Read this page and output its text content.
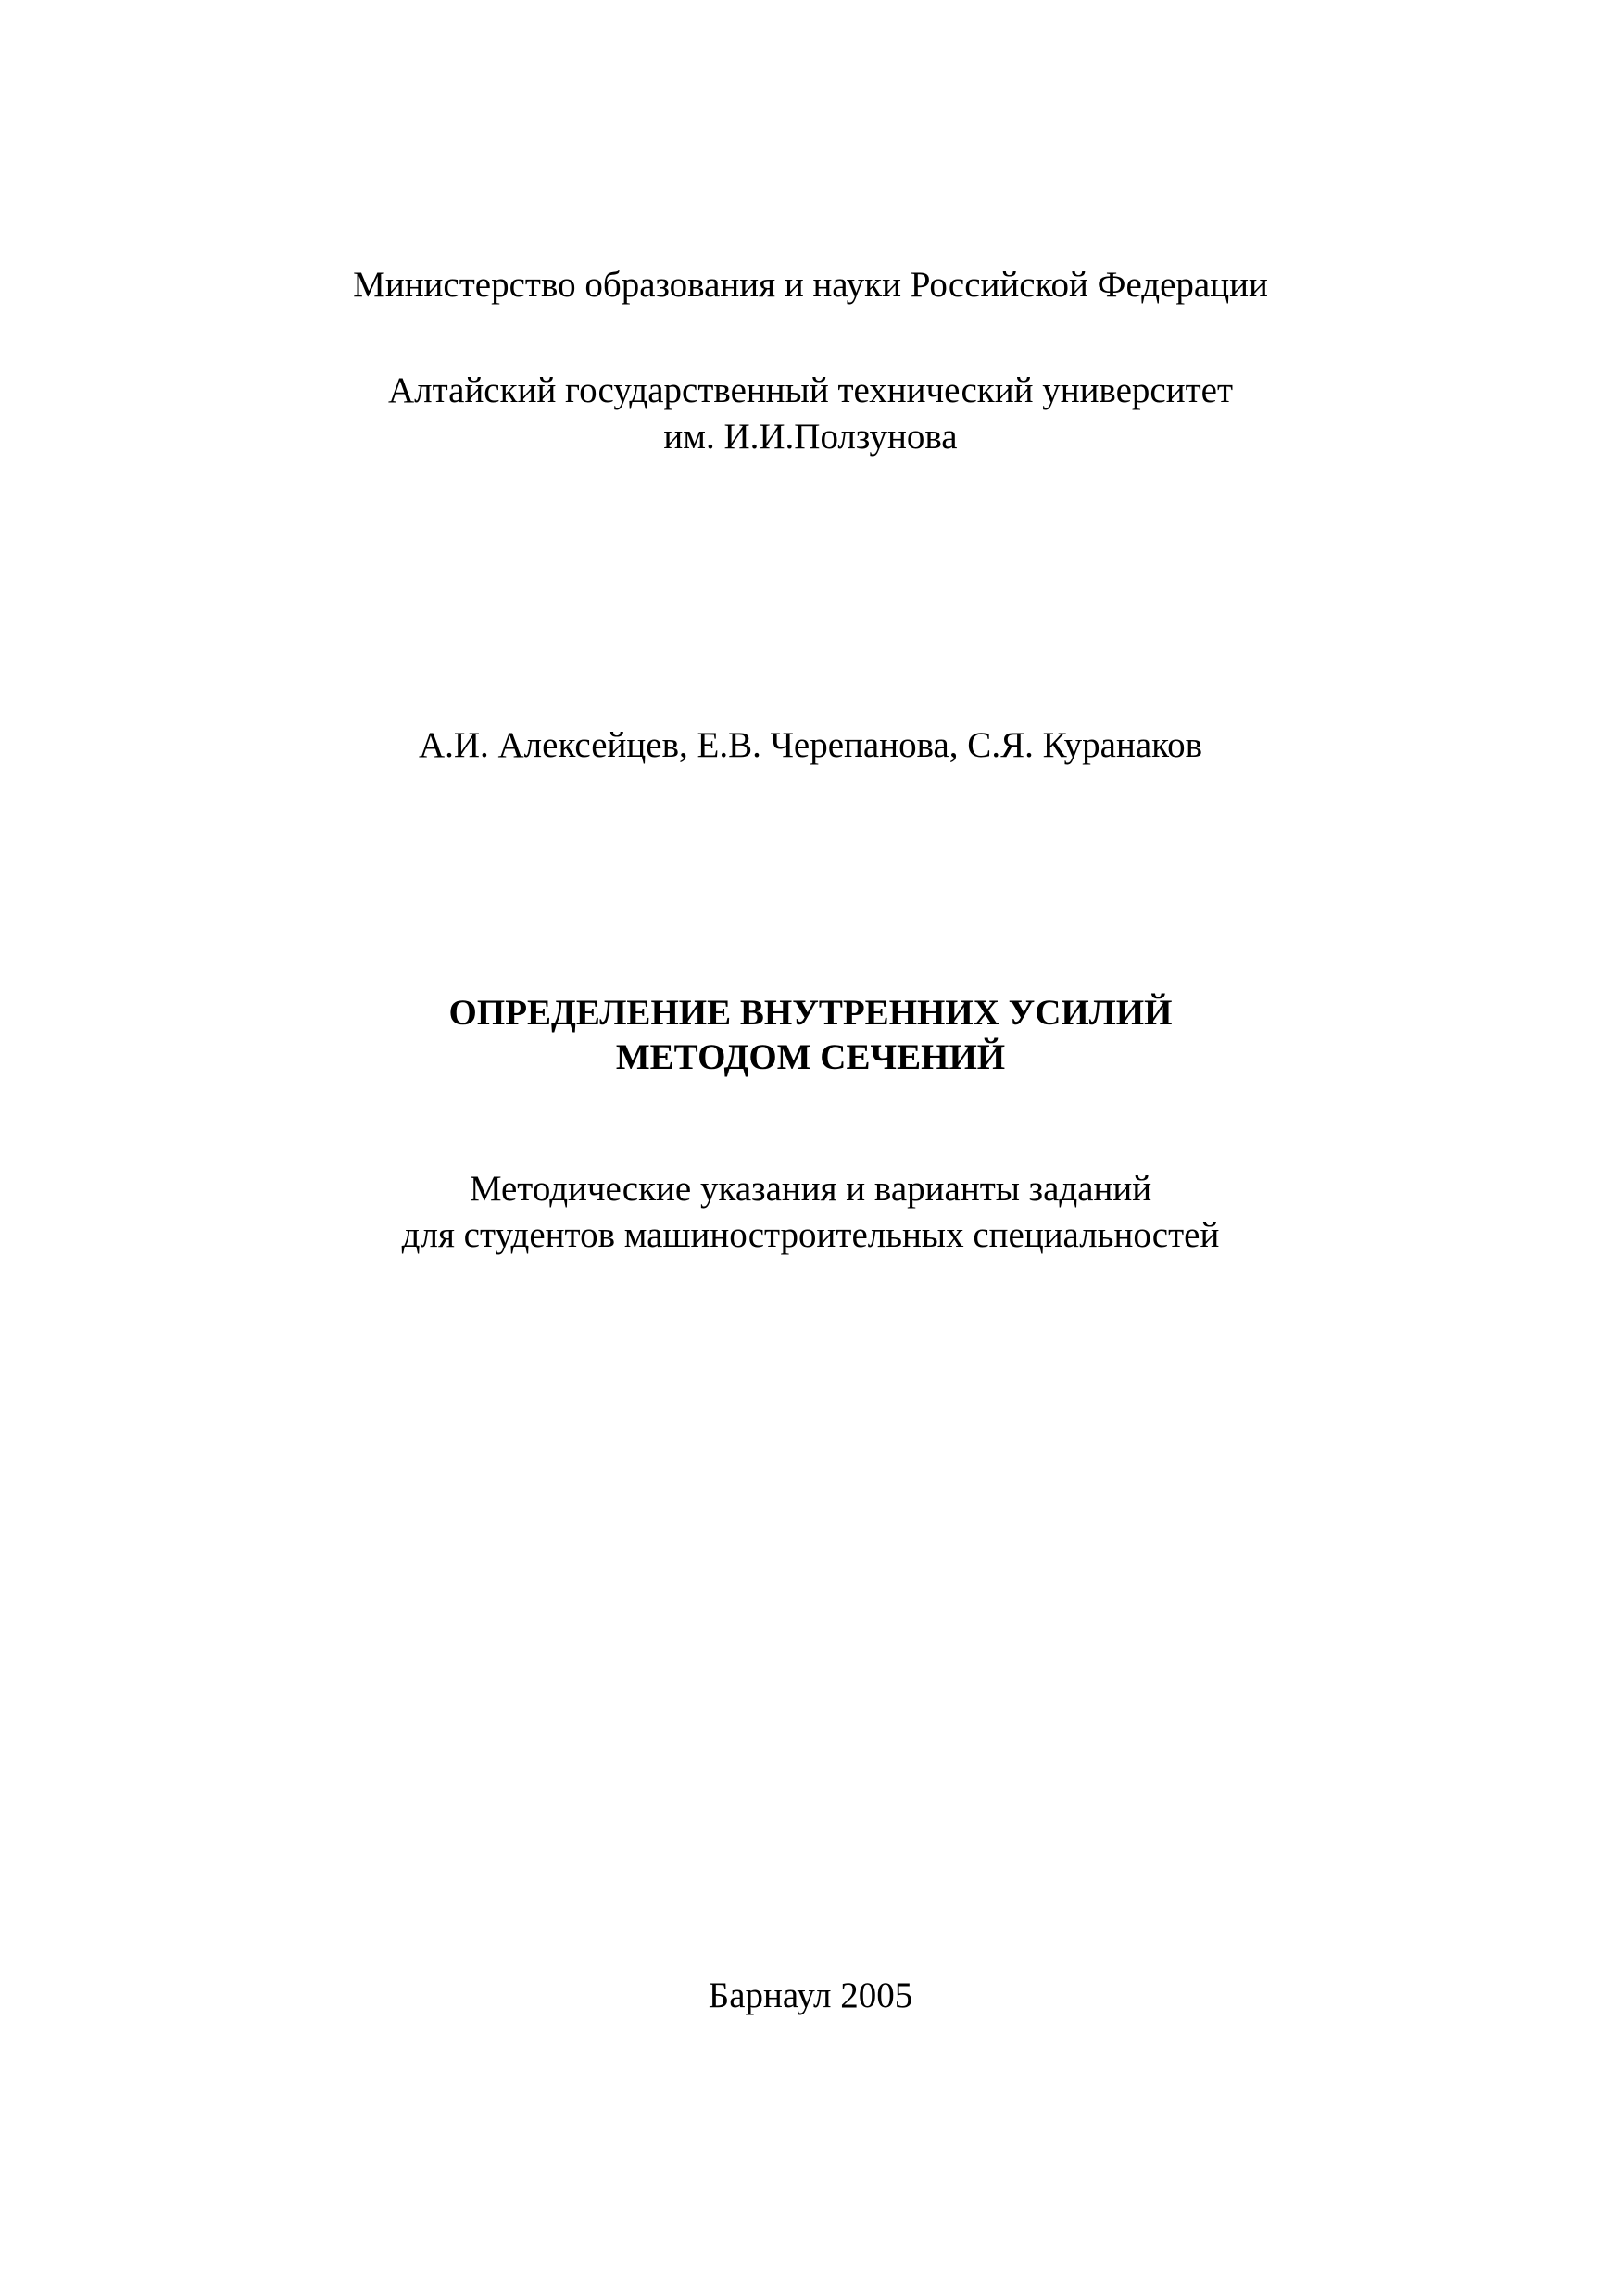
Министерство образования и науки Российской Федерации
Алтайский государственный технический университет
им. И.И.Ползунова
А.И. Алексейцев, Е.В. Черепанова, С.Я. Куранаков
ОПРЕДЕЛЕНИЕ ВНУТРЕННИХ УСИЛИЙ
МЕТОДОМ СЕЧЕНИЙ
Методические указания и варианты заданий
для студентов машиностроительных специальностей
Барнаул 2005
